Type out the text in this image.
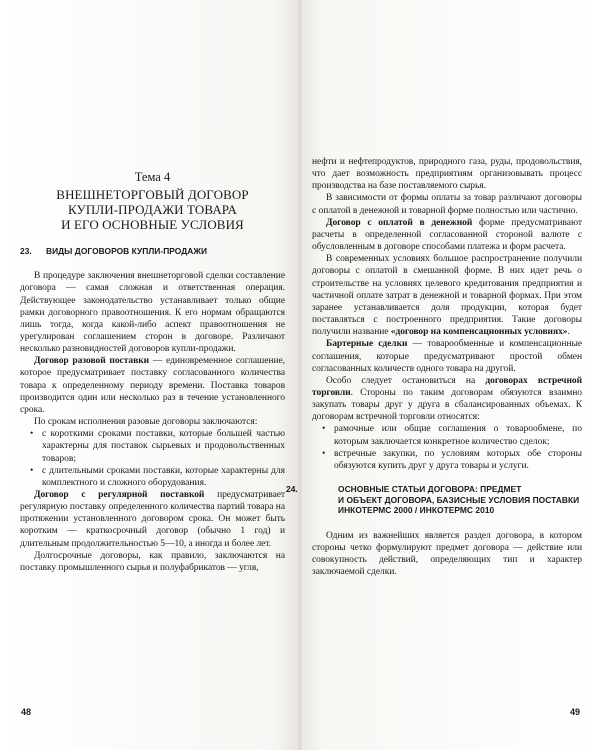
Тема 4
ВНЕШНЕТОРГОВЫЙ ДОГОВОР
КУПЛИ-ПРОДАЖИ ТОВАРА
И ЕГО ОСНОВНЫЕ УСЛОВИЯ
23. ВИДЫ ДОГОВОРОВ КУПЛИ-ПРОДАЖИ

В процедуре заключения внешнеторговой сделки составление договора — самая сложная и ответственная операция. Действующее законодательство устанавливает только общие рамки договорного правоотношения. К его нормам обращаются лишь тогда, когда какой-либо аспект правоотношения не урегулирован соглашением сторон в договоре. Различают несколько разновидностей договоров купли-продажи.

Договор разовой поставки — единовременное соглашение, которое предусматривает поставку согласованного количества товара к определенному периоду времени. Поставка товаров производится один или несколько раз в течение установленного срока.

По срокам исполнения разовые договоры заключаются:

• с короткими сроками поставки, которые большей частью характерны для поставок сырьевых и продовольственных товаров;
• с длительными сроками поставки, которые характерны для комплектного и сложного оборудования.

Договор с регулярной поставкой предусматривает регулярную поставку определенного количества партий товара на протяжении установленного договором срока. Он может быть коротким — краткосрочный договор (обычно 1 год) и длительным продолжительностью 5—10, а иногда и более лет.

Долгосрочные договоры, как правило, заключаются на поставку промышленного сырья и полуфабрикатов — угля,

48

нефти и нефтепродуктов, природного газа, руды, продовольствия, что дает возможность предприятиям организовывать процесс производства на базе поставляемого сырья.

В зависимости от формы оплаты за товар различают договоры с оплатой в денежной и товарной форме полностью или частично.

Договор с оплатой в денежной форме предусматривают расчеты в определенной согласованной стороной валюте с обусловленным в договоре способами платежа и форм расчета.

В современных условиях большое распространение получили договоры с оплатой в смешанной форме. В них идет речь о строительстве на условиях целевого кредитования предприятия и частичной оплате затрат в денежной и товарной формах. При этом заранее устанавливается доля продукции, которая будет поставляться с построенного предприятия. Такие договоры получили название «договор на компенсационных условиях».

Бартерные сделки — товарообменные и компенсационные соглашения, которые предусматривают простой обмен согласованных количеств одного товара на другой.

Особо следует остановиться на договорах встречной торговли. Стороны по таким договорам обязуются взаимно закупать товары друг у друга в сбалансированных объемах. К договорам встречной торговли относятся:

• рамочные или общие соглашения о товарообмене, по которым заключается конкретное количество сделок;
• встречные закупки, по условиям которых обе стороны обязуются купить друг у друга товары и услуги.
24.	ОСНОВНЫЕ СТАТЬИ ДОГОВОРА: ПРЕДМЕТ
И ОБЪЕКТ ДОГОВОРА, БАЗИСНЫЕ УСЛОВИЯ ПОСТАВКИ
ИНКОТЕРМС 2000 / ИНКОТЕРМС 2010

Одним из важнейших является раздел договора, в котором стороны четко формулируют предмет договора — действие или совокупность действий, определяющих тип и характер заключаемой сделки.

49
